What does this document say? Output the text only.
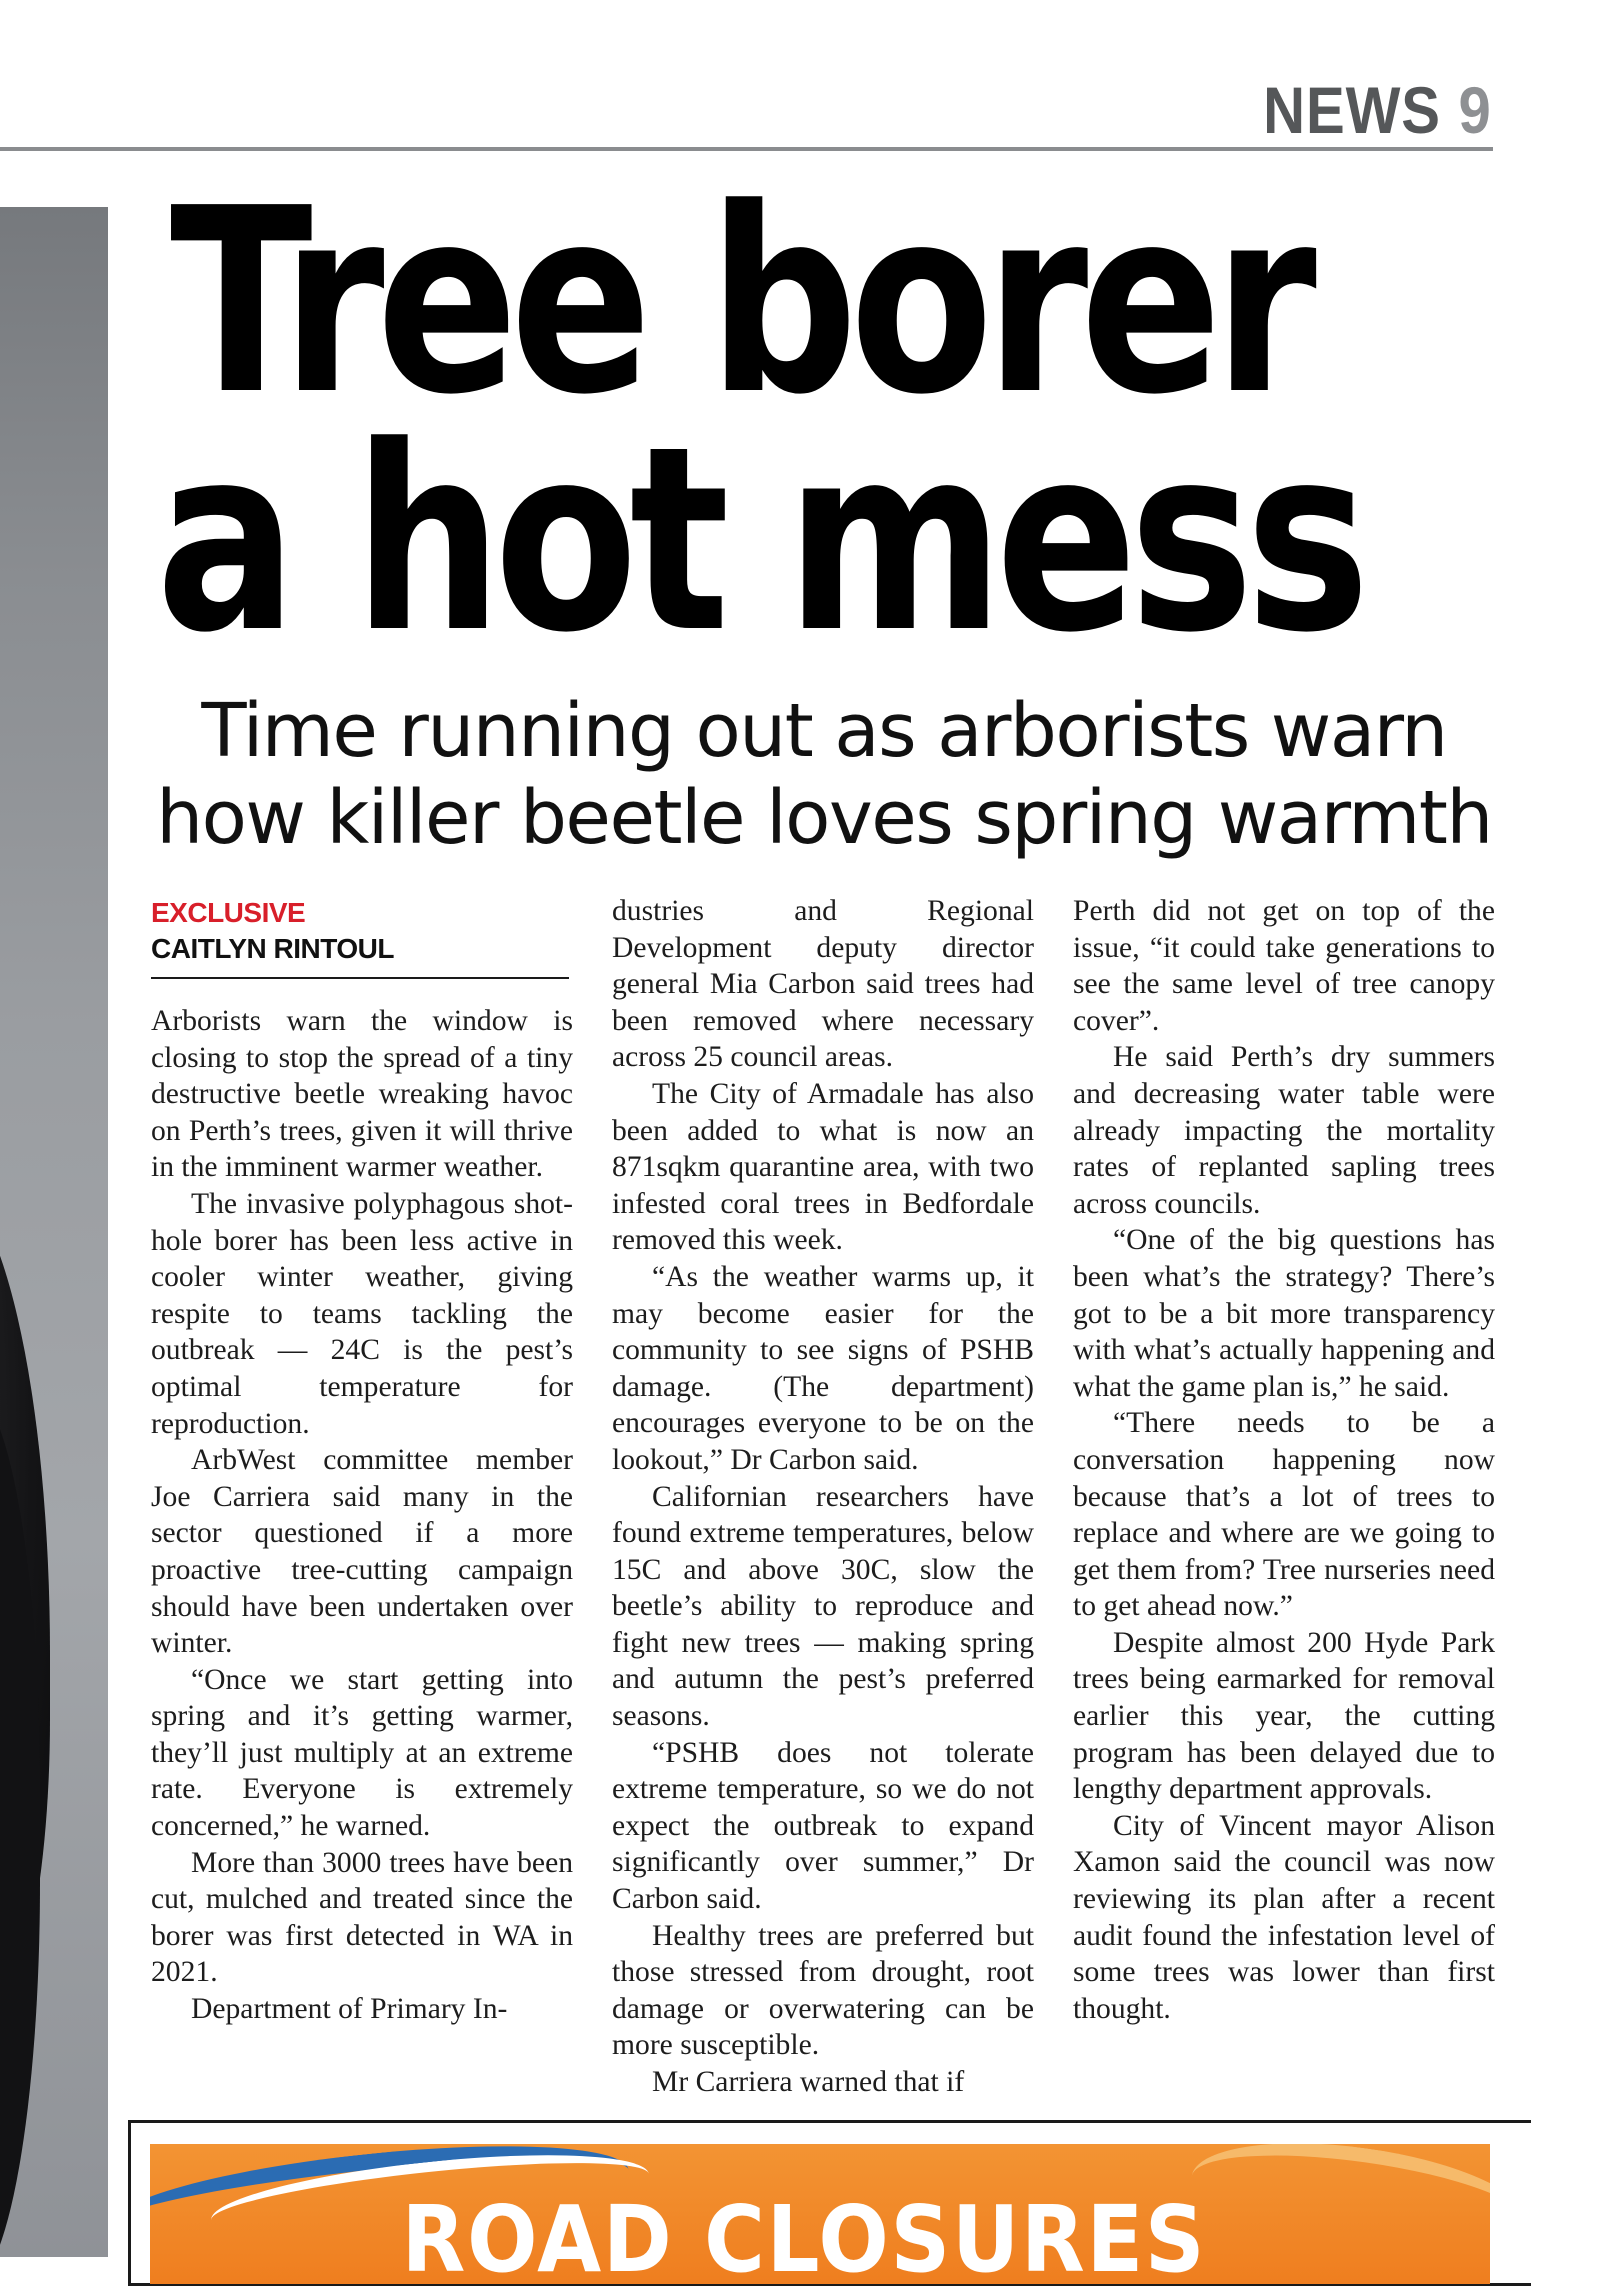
NEWS 9
Tree borer
a hot mess
Time running out as arborists warn
how killer beetle loves spring warmth
EXCLUSIVE
CAITLYN RINTOUL

Arborists warn the window is closing to stop the spread of a tiny destructive beetle wreaking havoc on Perth’s trees, given it will thrive in the imminent warmer weather.

The invasive polyphagous shot-hole borer has been less active in cooler winter weather, giving respite to teams tackling the outbreak — 24C is the pest’s optimal temperature for reproduction.

ArbWest committee member Joe Carriera said many in the sector questioned if a more proactive tree-cutting campaign should have been undertaken over winter.

“Once we start getting into spring and it’s getting warmer, they’ll just multiply at an extreme rate. Everyone is extremely concerned,” he warned.

More than 3000 trees have been cut, mulched and treated since the borer was first detected in WA in 2021.

Department of Primary In-

dustries and Regional Development deputy director general Mia Carbon said trees had been removed where necessary across 25 council areas.

The City of Armadale has also been added to what is now an 871sqkm quarantine area, with two infested coral trees in Bedfordale removed this week.

“As the weather warms up, it may become easier for the community to see signs of PSHB damage. (The department) encourages everyone to be on the lookout,” Dr Carbon said.

Californian researchers have found extreme temperatures, below 15C and above 30C, slow the beetle’s ability to reproduce and fight new trees — making spring and autumn the pest’s preferred seasons.

“PSHB does not tolerate extreme temperature, so we do not expect the outbreak to expand significantly over summer,” Dr Carbon said.

Healthy trees are preferred but those stressed from drought, root damage or overwatering can be more susceptible.

Mr Carriera warned that if

Perth did not get on top of the issue, “it could take generations to see the same level of tree canopy cover”.

He said Perth’s dry summers and decreasing water table were already impacting the mortality rates of replanted sapling trees across councils.

“One of the big questions has been what’s the strategy? There’s got to be a bit more transparency with what’s actually happening and what the game plan is,” he said.

“There needs to be a conversation happening now because that’s a lot of trees to replace and where are we going to get them from? Tree nurseries need to get ahead now.”

Despite almost 200 Hyde Park trees being earmarked for removal earlier this year, the cutting program has been delayed due to lengthy department approvals.

City of Vincent mayor Alison Xamon said the council was now reviewing its plan after a recent audit found the infestation level of some trees was lower than first thought.

ROAD CLOSURES
